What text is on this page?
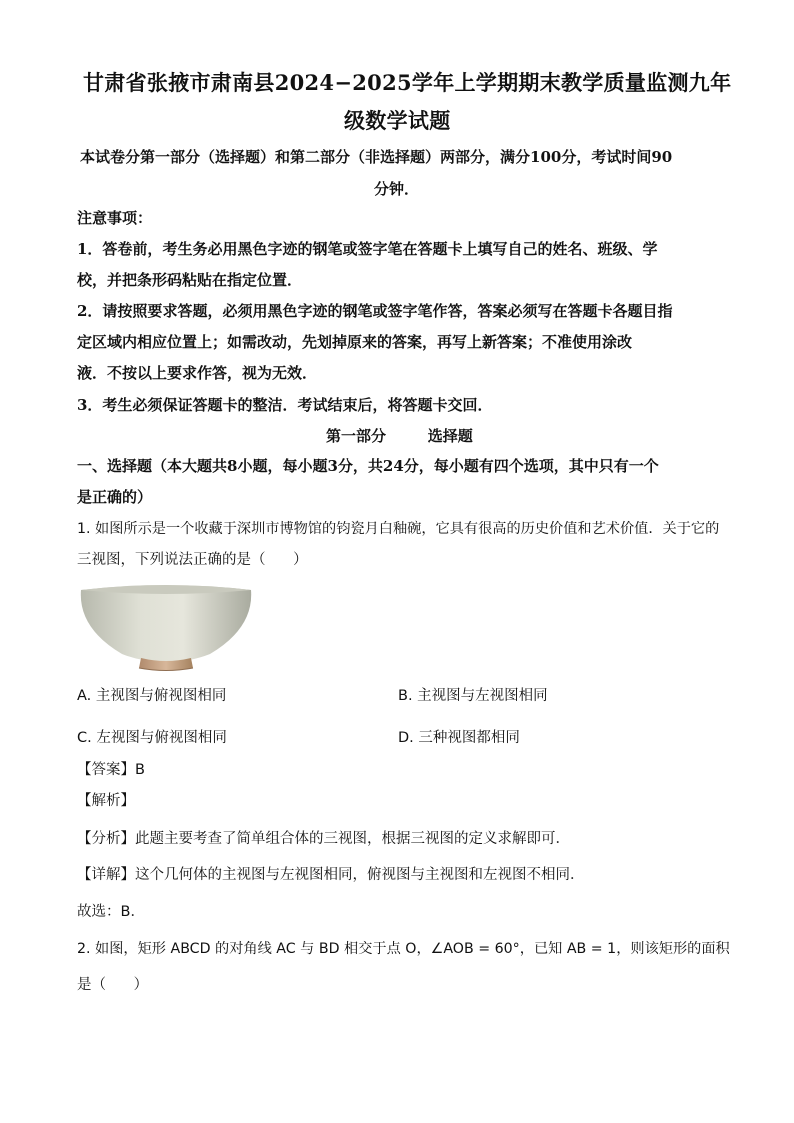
甘肃省张掖市肃南县2024−2025学年上学期期末教学质量监测九年
级数学试题
本试卷分第一部分（选择题）和第二部分（非选择题）两部分，满分100分，考试时间90
分钟．
注意事项：
1．答卷前，考生务必用黑色字迹的钢笔或签字笔在答题卡上填写自己的姓名、班级、学
校，并把条形码粘贴在指定位置．
2．请按照要求答题，必须用黑色字迹的钢笔或签字笔作答，答案必须写在答题卡各题目指
定区域内相应位置上；如需改动，先划掉原来的答案，再写上新答案；不准使用涂改
液．不按以上要求作答，视为无效．
3．考生必须保证答题卡的整洁．考试结束后，将答题卡交回．
第一部分        选择题
一、选择题（本大题共8小题，每小题3分，共24分，每小题有四个选项，其中只有一个
是正确的）
1. 如图所示是一个收藏于深圳市博物馆的钧瓷月白釉碗，它具有很高的历史价值和艺术价值．关于它的
三视图，下列说法正确的是（      ）
A. 主视图与俯视图相同	B. 主视图与左视图相同
C. 左视图与俯视图相同	D. 三种视图都相同
【答案】B
【解析】
【分析】此题主要考查了简单组合体的三视图，根据三视图的定义求解即可．
【详解】这个几何体的主视图与左视图相同，俯视图与主视图和左视图不相同．
故选：B．
2. 如图，矩形 ABCD 的对角线 AC 与 BD 相交于点 O，∠AOB = 60°，已知 AB = 1，则该矩形的面积
是（      ）
